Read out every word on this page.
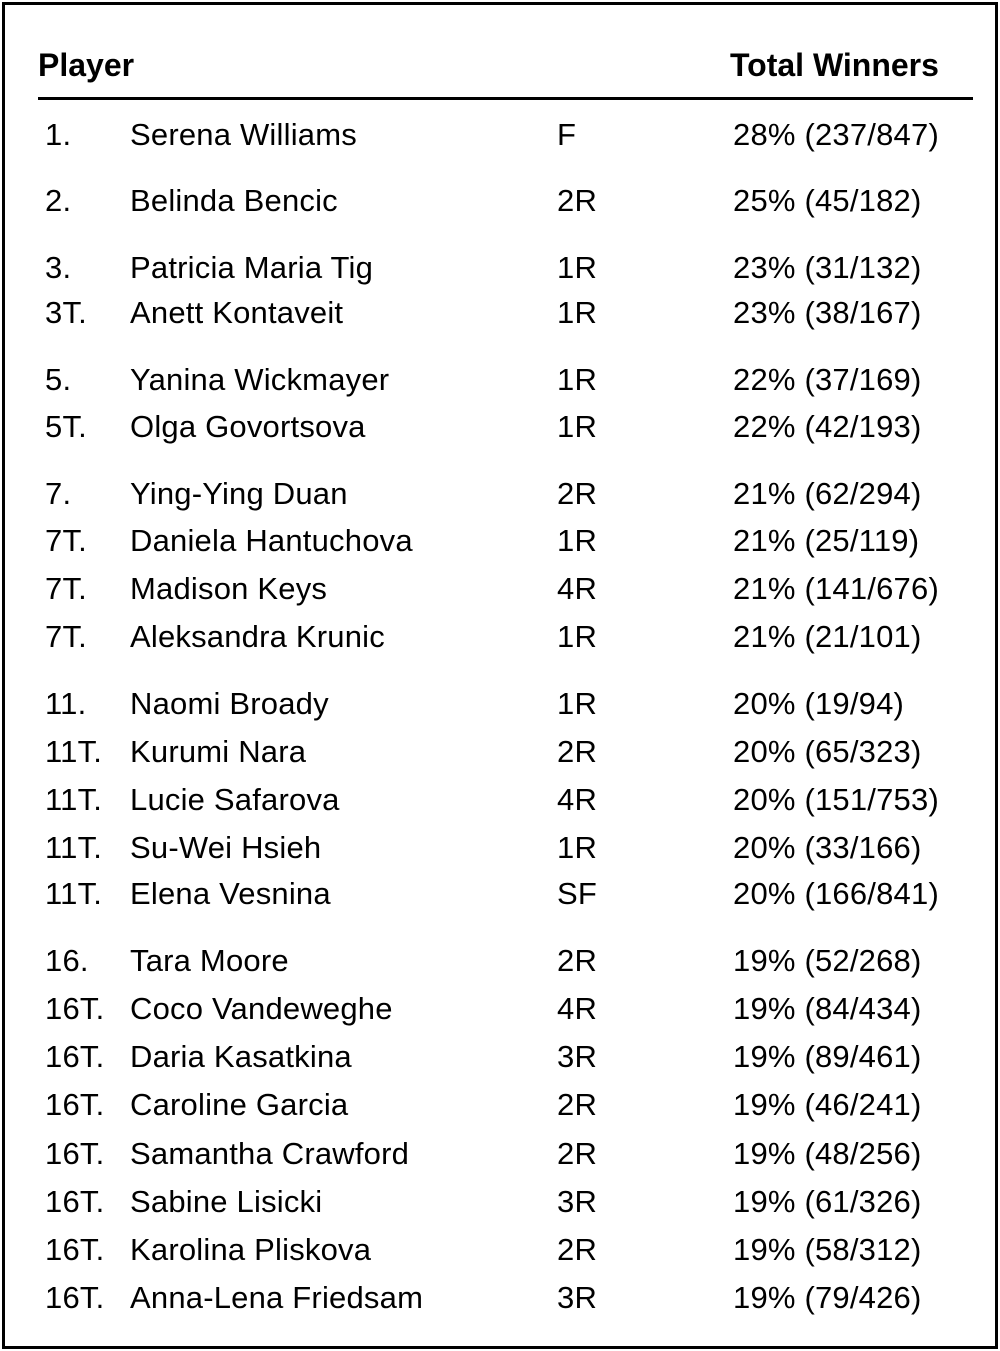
Player	Total Winners
1. Serena Williams	F	28% (237/847)
2. Belinda Bencic	2R	25% (45/182)
3. Patricia Maria Tig	1R	23% (31/132)
3T. Anett Kontaveit	1R	23% (38/167)
5. Yanina Wickmayer	1R	22% (37/169)
5T. Olga Govortsova	1R	22% (42/193)
7. Ying-Ying Duan	2R	21% (62/294)
7T. Daniela Hantuchova	1R	21% (25/119)
7T. Madison Keys	4R	21% (141/676)
7T. Aleksandra Krunic	1R	21% (21/101)
11. Naomi Broady	1R	20% (19/94)
11T. Kurumi Nara	2R	20% (65/323)
11T. Lucie Safarova	4R	20% (151/753)
11T. Su-Wei Hsieh	1R	20% (33/166)
11T. Elena Vesnina	SF	20% (166/841)
16. Tara Moore	2R	19% (52/268)
16T. Coco Vandeweghe	4R	19% (84/434)
16T. Daria Kasatkina	3R	19% (89/461)
16T. Caroline Garcia	2R	19% (46/241)
16T. Samantha Crawford	2R	19% (48/256)
16T. Sabine Lisicki	3R	19% (61/326)
16T. Karolina Pliskova	2R	19% (58/312)
16T. Anna-Lena Friedsam	3R	19% (79/426)
